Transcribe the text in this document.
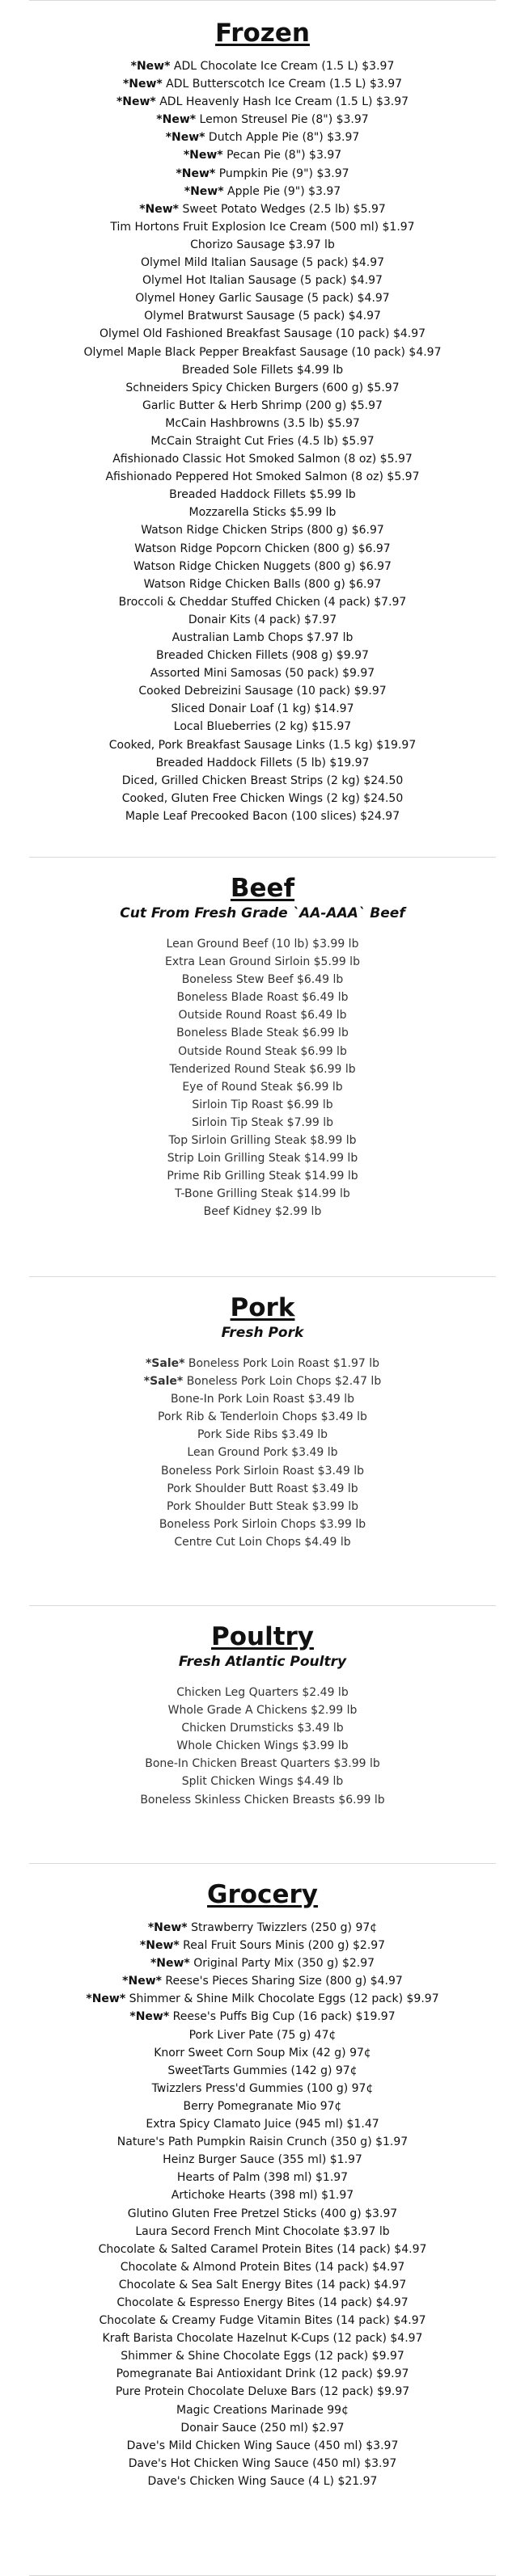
Frozen
*New* ADL Chocolate Ice Cream (1.5 L) $3.97
*New* ADL Butterscotch Ice Cream (1.5 L) $3.97
*New* ADL Heavenly Hash Ice Cream (1.5 L) $3.97
*New* Lemon Streusel Pie (8") $3.97
*New* Dutch Apple Pie (8") $3.97
*New* Pecan Pie (8") $3.97
*New* Pumpkin Pie (9") $3.97
*New* Apple Pie (9") $3.97
*New* Sweet Potato Wedges (2.5 lb) $5.97
Tim Hortons Fruit Explosion Ice Cream (500 ml) $1.97
Chorizo Sausage $3.97 lb
Olymel Mild Italian Sausage (5 pack) $4.97
Olymel Hot Italian Sausage (5 pack) $4.97
Olymel Honey Garlic Sausage (5 pack) $4.97
Olymel Bratwurst Sausage (5 pack) $4.97
Olymel Old Fashioned Breakfast Sausage (10 pack) $4.97
Olymel Maple Black Pepper Breakfast Sausage (10 pack) $4.97
Breaded Sole Fillets $4.99 lb
Schneiders Spicy Chicken Burgers (600 g) $5.97
Garlic Butter & Herb Shrimp (200 g) $5.97
McCain Hashbrowns (3.5 lb) $5.97
McCain Straight Cut Fries (4.5 lb) $5.97
Afishionado Classic Hot Smoked Salmon (8 oz) $5.97
Afishionado Peppered Hot Smoked Salmon (8 oz) $5.97
Breaded Haddock Fillets $5.99 lb
Mozzarella Sticks $5.99 lb
Watson Ridge Chicken Strips (800 g) $6.97
Watson Ridge Popcorn Chicken (800 g) $6.97
Watson Ridge Chicken Nuggets (800 g) $6.97
Watson Ridge Chicken Balls (800 g) $6.97
Broccoli & Cheddar Stuffed Chicken (4 pack) $7.97
Donair Kits (4 pack) $7.97
Australian Lamb Chops $7.97 lb
Breaded Chicken Fillets (908 g) $9.97
Assorted Mini Samosas (50 pack) $9.97
Cooked Debreizini Sausage (10 pack) $9.97
Sliced Donair Loaf (1 kg) $14.97
Local Blueberries (2 kg) $15.97
Cooked, Pork Breakfast Sausage Links (1.5 kg) $19.97
Breaded Haddock Fillets (5 lb) $19.97
Diced, Grilled Chicken Breast Strips (2 kg) $24.50
Cooked, Gluten Free Chicken Wings (2 kg) $24.50
Maple Leaf Precooked Bacon (100 slices) $24.97
Beef
Cut From Fresh Grade `AA-AAA` Beef
Lean Ground Beef (10 lb) $3.99 lb
Extra Lean Ground Sirloin $5.99 lb
Boneless Stew Beef $6.49 lb
Boneless Blade Roast $6.49 lb
Outside Round Roast $6.49 lb
Boneless Blade Steak $6.99 lb
Outside Round Steak $6.99 lb
Tenderized Round Steak $6.99 lb
Eye of Round Steak $6.99 lb
Sirloin Tip Roast $6.99 lb
Sirloin Tip Steak $7.99 lb
Top Sirloin Grilling Steak $8.99 lb
Strip Loin Grilling Steak $14.99 lb
Prime Rib Grilling Steak $14.99 lb
T-Bone Grilling Steak $14.99 lb
Beef Kidney $2.99 lb
Pork
Fresh Pork
*Sale* Boneless Pork Loin Roast $1.97 lb
*Sale* Boneless Pork Loin Chops $2.47 lb
Bone-In Pork Loin Roast $3.49 lb
Pork Rib & Tenderloin Chops $3.49 lb
Pork Side Ribs $3.49 lb
Lean Ground Pork $3.49 lb
Boneless Pork Sirloin Roast $3.49 lb
Pork Shoulder Butt Roast $3.49 lb
Pork Shoulder Butt Steak $3.99 lb
Boneless Pork Sirloin Chops $3.99 lb
Centre Cut Loin Chops $4.49 lb
Poultry
Fresh Atlantic Poultry
Chicken Leg Quarters $2.49 lb
Whole Grade A Chickens $2.99 lb
Chicken Drumsticks $3.49 lb
Whole Chicken Wings $3.99 lb
Bone-In Chicken Breast Quarters $3.99 lb
Split Chicken Wings $4.49 lb
Boneless Skinless Chicken Breasts $6.99 lb
Grocery
*New* Strawberry Twizzlers (250 g) 97¢
*New* Real Fruit Sours Minis (200 g) $2.97
*New* Original Party Mix (350 g) $2.97
*New* Reese's Pieces Sharing Size (800 g) $4.97
*New* Shimmer & Shine Milk Chocolate Eggs (12 pack) $9.97
*New* Reese's Puffs Big Cup (16 pack) $19.97
Pork Liver Pate (75 g) 47¢
Knorr Sweet Corn Soup Mix (42 g) 97¢
SweetTarts Gummies (142 g) 97¢
Twizzlers Press'd Gummies (100 g) 97¢
Berry Pomegranate Mio 97¢
Extra Spicy Clamato Juice (945 ml) $1.47
Nature's Path Pumpkin Raisin Crunch (350 g) $1.97
Heinz Burger Sauce (355 ml) $1.97
Hearts of Palm (398 ml) $1.97
Artichoke Hearts (398 ml) $1.97
Glutino Gluten Free Pretzel Sticks (400 g) $3.97
Laura Secord French Mint Chocolate $3.97 lb
Chocolate & Salted Caramel Protein Bites (14 pack) $4.97
Chocolate & Almond Protein Bites (14 pack) $4.97
Chocolate & Sea Salt Energy Bites (14 pack) $4.97
Chocolate & Espresso Energy Bites (14 pack) $4.97
Chocolate & Creamy Fudge Vitamin Bites (14 pack) $4.97
Kraft Barista Chocolate Hazelnut K-Cups (12 pack) $4.97
Shimmer & Shine Chocolate Eggs (12 pack) $9.97
Pomegranate Bai Antioxidant Drink (12 pack) $9.97
Pure Protein Chocolate Deluxe Bars (12 pack) $9.97
Magic Creations Marinade 99¢
Donair Sauce (250 ml) $2.97
Dave's Mild Chicken Wing Sauce (450 ml) $3.97
Dave's Hot Chicken Wing Sauce (450 ml) $3.97
Dave's Chicken Wing Sauce (4 L) $21.97
